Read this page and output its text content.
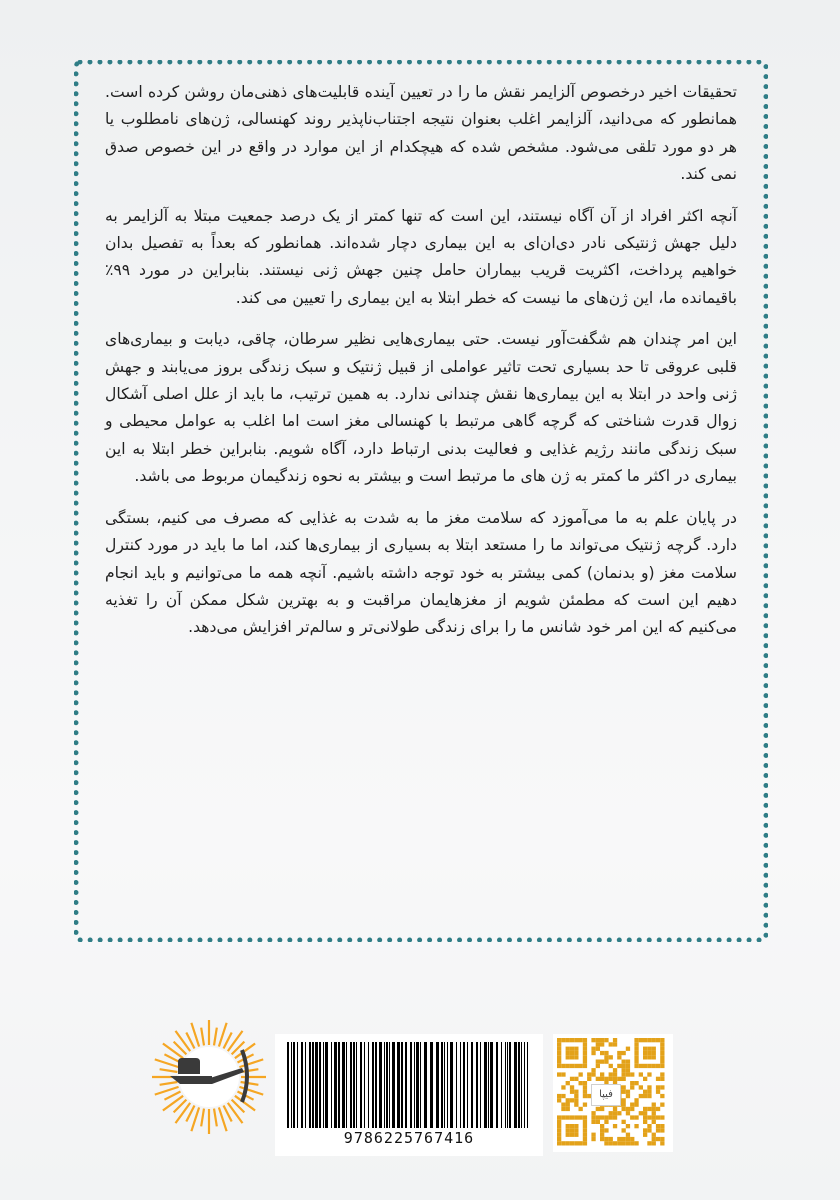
تحقیقات اخیر درخصوص آلزایمر نقش ما را در تعیین آینده قابلیت‌های ذهنی‌مان روشن کرده است. همانطور که می‌دانید، آلزایمر اغلب بعنوان نتیجه اجتناب‌ناپذیر روند کهنسالی، ژن‌های نامطلوب یا هر دو مورد تلقی می‌شود. مشخص شده که هیچکدام از این موارد در واقع در این خصوص صدق نمی کند.

آنچه اکثر افراد از آن آگاه نیستند، این است که تنها کمتر از یک درصد جمعیت مبتلا به آلزایمر به دلیل جهش ژنتیکی نادر دی‌ان‌ای به این بیماری دچار شده‌اند. همانطور که بعداً به تفصیل بدان خواهیم پرداخت، اکثریت قریب بیماران حامل چنین جهش ژنی نیستند. بنابراین در مورد ۹۹٪ باقیمانده ما، این ژن‌های ما نیست که خطر ابتلا به این بیماری را تعیین می کند.

این امر چندان هم شگفت‌آور نیست. حتی بیماری‌هایی نظیر سرطان، چاقی، دیابت و بیماری‌های قلبی عروقی تا حد بسیاری تحت تاثیر عواملی از قبیل ژنتیک و سبک زندگی بروز می‌یابند و جهش ژنی واحد در ابتلا به این بیماری‌ها نقش چندانی ندارد. به همین ترتیب، ما باید از علل اصلی آشکال زوال قدرت شناختی که گرچه گاهی مرتبط با کهنسالی مغز است اما اغلب به عوامل محیطی و سبک زندگی مانند رژیم غذایی و فعالیت بدنی ارتباط دارد، آگاه شویم. بنابراین خطر ابتلا به این بیماری در اکثر ما کمتر به ژن های ما مرتبط است و بیشتر به نحوه زندگیمان مربوط می باشد.

در پایان علم به ما می‌آموزد که سلامت مغز ما به شدت به غذایی که مصرف می کنیم، بستگی دارد. گرچه ژنتیک می‌تواند ما را مستعد ابتلا به بسیاری از بیماری‌ها کند، اما ما باید در مورد کنترل سلامت مغز (و بدنمان) کمی بیشتر به خود توجه داشته باشیم. آنچه همه ما می‌توانیم و باید انجام دهیم این است که مطمئن شویم از مغزهایمان مراقبت و به بهترین شکل ممکن آن را تغذیه می‌کنیم که این امر خود شانس ما را برای زندگی طولانی‌تر و سالم‌تر افزایش می‌دهد.

9786225767416
فیپا
